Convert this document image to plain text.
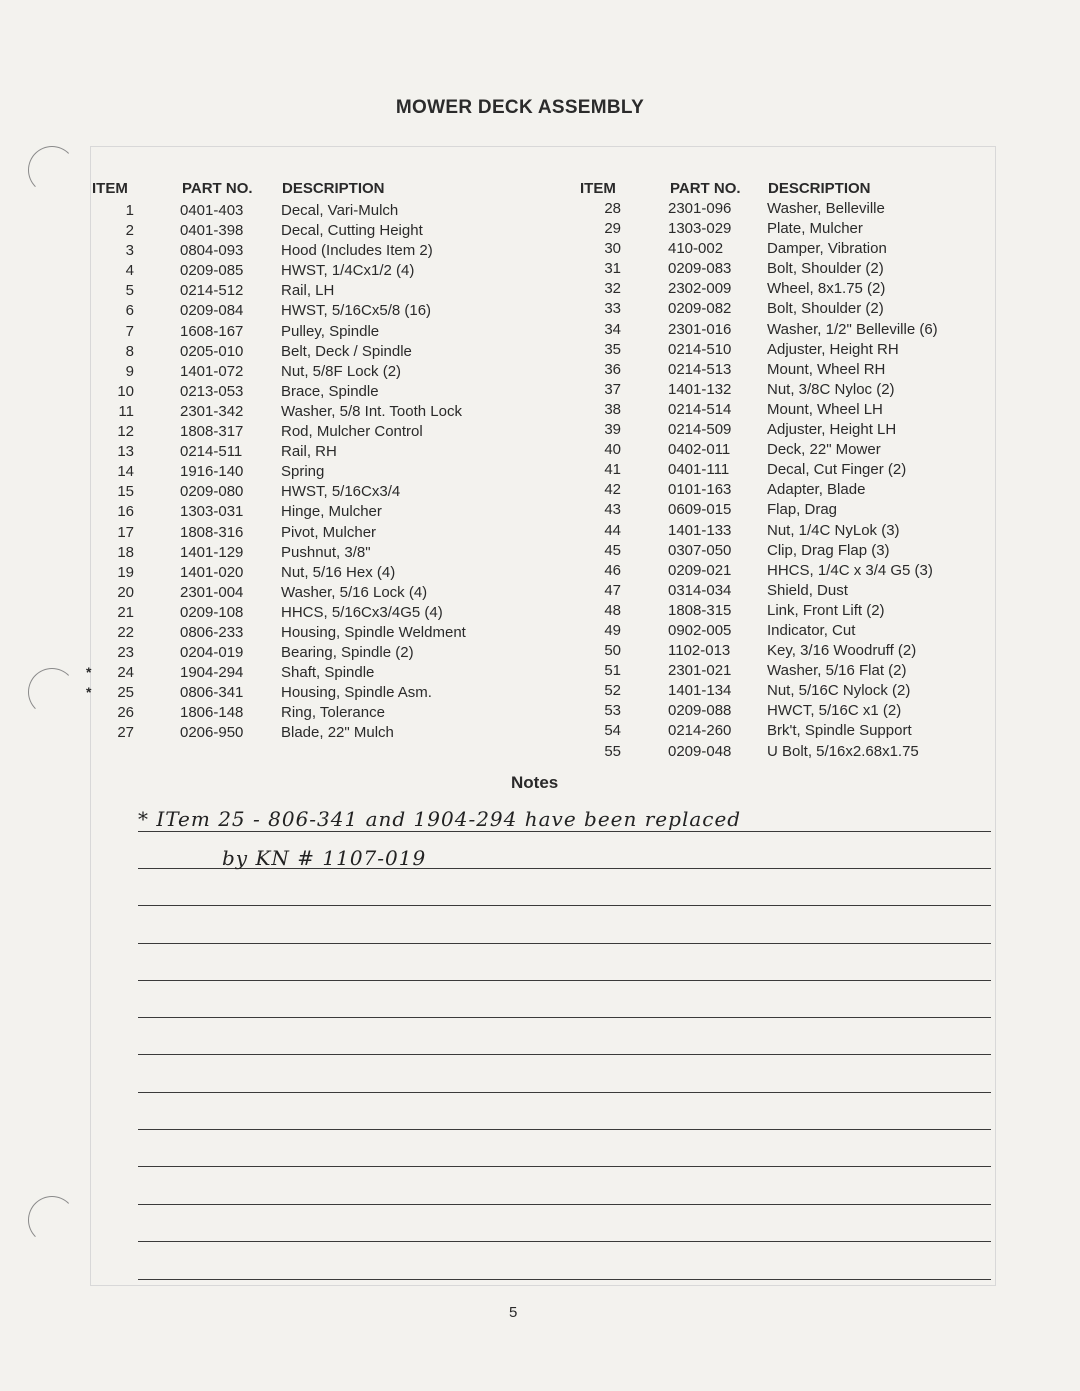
MOWER DECK ASSEMBLY
ITEM	PART NO. DESCRIPTION
1	0401-403	Decal, Vari-Mulch
2	0401-398	Decal, Cutting Height
3	0804-093	Hood (Includes Item 2)
4	0209-085	HWST, 1/4Cx1/2 (4)
5	0214-512	Rail, LH
6	0209-084	HWST, 5/16Cx5/8 (16)
7	1608-167	Pulley, Spindle
8	0205-010	Belt, Deck / Spindle
9	1401-072	Nut, 5/8F Lock (2)
10	0213-053	Brace, Spindle
11	2301-342	Washer, 5/8 Int. Tooth Lock
12	1808-317	Rod, Mulcher Control
13	0214-511	Rail, RH
14	1916-140	Spring
15	0209-080	HWST, 5/16Cx3/4
16	1303-031	Hinge, Mulcher
17	1808-316	Pivot, Mulcher
18	1401-129	Pushnut, 3/8"
19	1401-020	Nut, 5/16 Hex (4)
20	2301-004	Washer, 5/16 Lock (4)
21	0209-108	HHCS, 5/16Cx3/4G5 (4)
22	0806-233	Housing, Spindle Weldment
23	0204-019	Bearing, Spindle (2)
24	1904-294	Shaft, Spindle
*
25	0806-341	Housing, Spindle Asm.
*
26	1806-148	Ring, Tolerance
27	0206-950	Blade, 22" Mulch
ITEM	PART NO. DESCRIPTION
28	2301-096 Washer, Belleville
29	1303-029 Plate, Mulcher
30	410-002	Damper, Vibration
31	0209-083 Bolt, Shoulder (2)
32	2302-009 Wheel, 8x1.75 (2)
33	0209-082 Bolt, Shoulder (2)
34	2301-016 Washer, 1/2" Belleville (6)
35	0214-510 Adjuster, Height RH
36	0214-513 Mount, Wheel RH
37	1401-132 Nut, 3/8C Nyloc (2)
38	0214-514 Mount, Wheel LH
39	0214-509 Adjuster, Height LH
40	0402-011 Deck, 22" Mower
41	0401-111	Decal, Cut Finger (2)
42	0101-163 Adapter, Blade
43	0609-015 Flap, Drag
44	1401-133 Nut, 1/4C NyLok (3)
45	0307-050 Clip, Drag Flap (3)
46	0209-021 HHCS, 1/4C x 3/4 G5 (3)
47	0314-034 Shield, Dust
48	1808-315 Link, Front Lift (2)
49	0902-005 Indicator, Cut
50	1102-013 Key, 3/16 Woodruff (2)
51	2301-021 Washer, 5/16 Flat (2)
52	1401-134 Nut, 5/16C Nylock (2)
53	0209-088 HWCT, 5/16C x1 (2)
54	0214-260 Brk't, Spindle Support
55	0209-048 U Bolt, 5/16x2.68x1.75
Notes
* ITem 25 - 806-341 and 1904-294 have been replaced
by KN # 1107-019
5
